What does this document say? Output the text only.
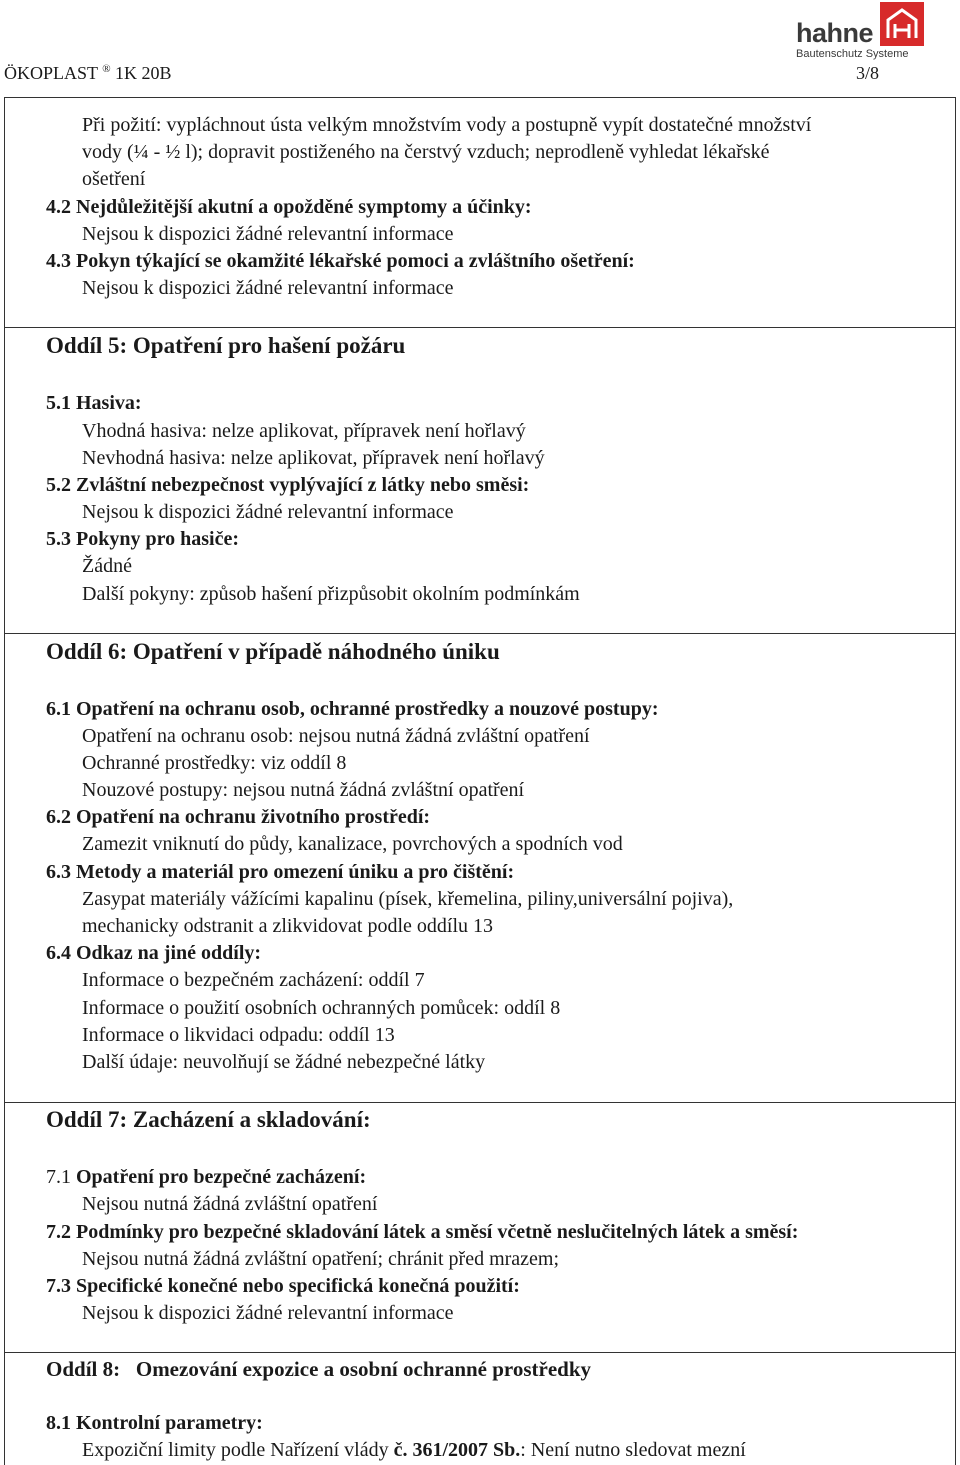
ÖKOPLAST ® 1K 20B	3/8
hahne
Bautenschutz Systeme
Při požití: vypláchnout ústa velkým množstvím vody a postupně vypít dostatečné množství
vody (¼ - ½ l); dopravit postiženého na čerstvý vzduch; neprodleně vyhledat lékařské
ošetření
4.2 Nejdůležitější akutní a opožděné symptomy a účinky:
Nejsou k dispozici žádné relevantní informace
4.3 Pokyn týkající se okamžité lékařské pomoci a zvláštního ošetření:
Nejsou k dispozici žádné relevantní informace
Oddíl 5: Opatření pro hašení požáru
5.1 Hasiva:
Vhodná hasiva: nelze aplikovat, přípravek není hořlavý
Nevhodná hasiva: nelze aplikovat, přípravek není hořlavý
5.2 Zvláštní nebezpečnost vyplývající z látky nebo směsi:
Nejsou k dispozici žádné relevantní informace
5.3 Pokyny pro hasiče:
Žádné
Další pokyny: způsob hašení přizpůsobit okolním podmínkám
Oddíl 6: Opatření v případě náhodného úniku
6.1 Opatření na ochranu osob, ochranné prostředky a nouzové postupy:
Opatření na ochranu osob: nejsou nutná žádná zvláštní opatření
Ochranné prostředky: viz oddíl 8
Nouzové postupy: nejsou nutná žádná zvláštní opatření
6.2 Opatření na ochranu životního prostředí:
Zamezit vniknutí do půdy, kanalizace, povrchových a spodních vod
6.3 Metody a materiál pro omezení úniku a pro čištění:
Zasypat materiály vážícími kapalinu (písek, křemelina, piliny,universální pojiva),
mechanicky odstranit a zlikvidovat podle oddílu 13
6.4 Odkaz na jiné oddíly:
Informace o bezpečném zacházení: oddíl 7
Informace o použití osobních ochranných pomůcek: oddíl 8
Informace o likvidaci odpadu: oddíl 13
Další údaje: neuvolňují se žádné nebezpečné látky
Oddíl 7: Zacházení a skladování:
7.1 Opatření pro bezpečné zacházení:
Nejsou nutná žádná zvláštní opatření
7.2 Podmínky pro bezpečné skladování látek a směsí včetně neslučitelných látek a směsí:
Nejsou nutná žádná zvláštní opatření; chránit před mrazem;
7.3 Specifické konečné nebo specifická konečná použití:
Nejsou k dispozici žádné relevantní informace
Oddíl 8: Omezování expozice a osobní ochranné prostředky
8.1 Kontrolní parametry:
Expoziční limity podle Nařízení vlády č. 361/2007 Sb.: Není nutno sledovat mezní
